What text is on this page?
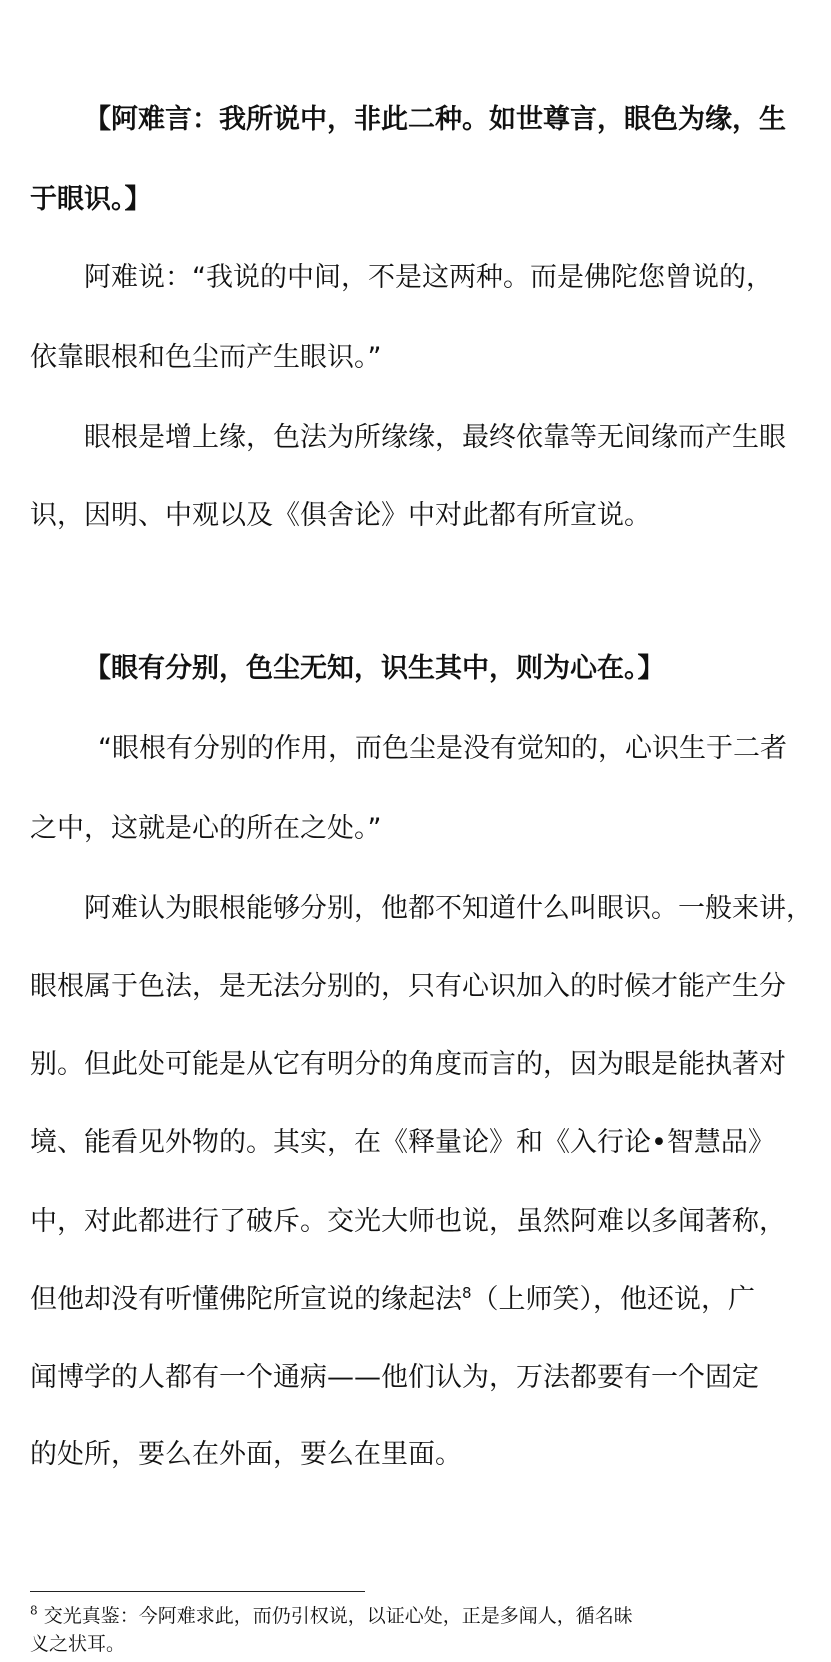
【阿难言：我所说中，非此二种。如世尊言，眼色为缘，生
于眼识。】
阿难说：“我说的中间，不是这两种。而是佛陀您曾说的，
依靠眼根和色尘而产生眼识。”
眼根是增上缘，色法为所缘缘，最终依靠等无间缘而产生眼
识，因明、中观以及《俱舍论》中对此都有所宣说。
【眼有分别，色尘无知，识生其中，则为心在。】
“眼根有分别的作用，而色尘是没有觉知的，心识生于二者
之中，这就是心的所在之处。”
阿难认为眼根能够分别，他都不知道什么叫眼识。一般来讲，
眼根属于色法，是无法分别的，只有心识加入的时候才能产生分
别。但此处可能是从它有明分的角度而言的，因为眼是能执著对
境、能看见外物的。其实，在《释量论》和《入行论•智慧品》
中，对此都进行了破斥。交光大师也说，虽然阿难以多闻著称，
但他却没有听懂佛陀所宣说的缘起法$^8$（上师笑），他还说，广
闻博学的人都有一个通病——他们认为，万法都要有一个固定
的处所，要么在外面，要么在里面。
$^8$ 交光真鉴：今阿难求此，而仍引权说，以证心处，正是多闻人，循名昧
义之状耳。
